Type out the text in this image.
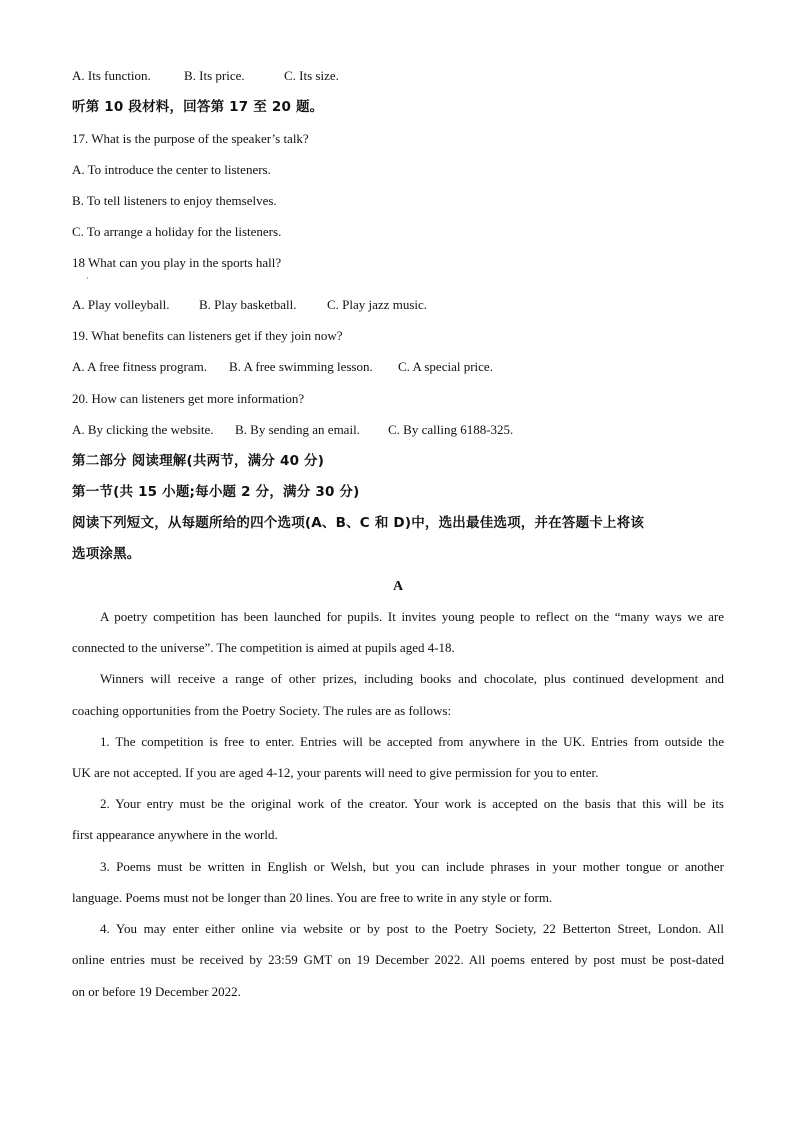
A. Its function.	B. Its price.	C. Its size.
听第 10 段材料，回答第 17 至 20 题。
17. What is the purpose of the speaker’s talk?
A. To introduce the center to listeners.
B. To tell listeners to enjoy themselves.
C. To arrange a holiday for the listeners.
18 What can you play in the sports hall?
·
A. Play volleyball. B. Play basketball. C. Play jazz music.
19. What benefits can listeners get if they join now?
A. A free fitness program. B. A free swimming lesson. C. A special price.
20. How can listeners get more information?
A. By clicking the website. B. By sending an email. C. By calling 6188-325.
第二部分 阅读理解(共两节，满分 40 分)
第一节(共 15 小题;每小题 2 分，满分 30 分)
阅读下列短文，从每题所给的四个选项(A、B、C 和 D)中，选出最佳选项，并在答题卡上将该
选项涂黑。
A
A poetry competition has been launched for pupils. It invites young people to reflect on the “many ways we are
connected to the universe”. The competition is aimed at pupils aged 4-18.
Winners will receive a range of other prizes, including books and chocolate, plus continued development and
coaching opportunities from the Poetry Society. The rules are as follows:
1. The competition is free to enter. Entries will be accepted from anywhere in the UK. Entries from outside the
UK are not accepted. If you are aged 4-12, your parents will need to give permission for you to enter.
2. Your entry must be the original work of the creator. Your work is accepted on the basis that this will be its
first appearance anywhere in the world.
3. Poems must be written in English or Welsh, but you can include phrases in your mother tongue or another
language. Poems must not be longer than 20 lines. You are free to write in any style or form.
4. You may enter either online via website or by post to the Poetry Society, 22 Betterton Street, London. All
online entries must be received by 23:59 GMT on 19 December 2022. All poems entered by post must be post-dated
on or before 19 December 2022.
